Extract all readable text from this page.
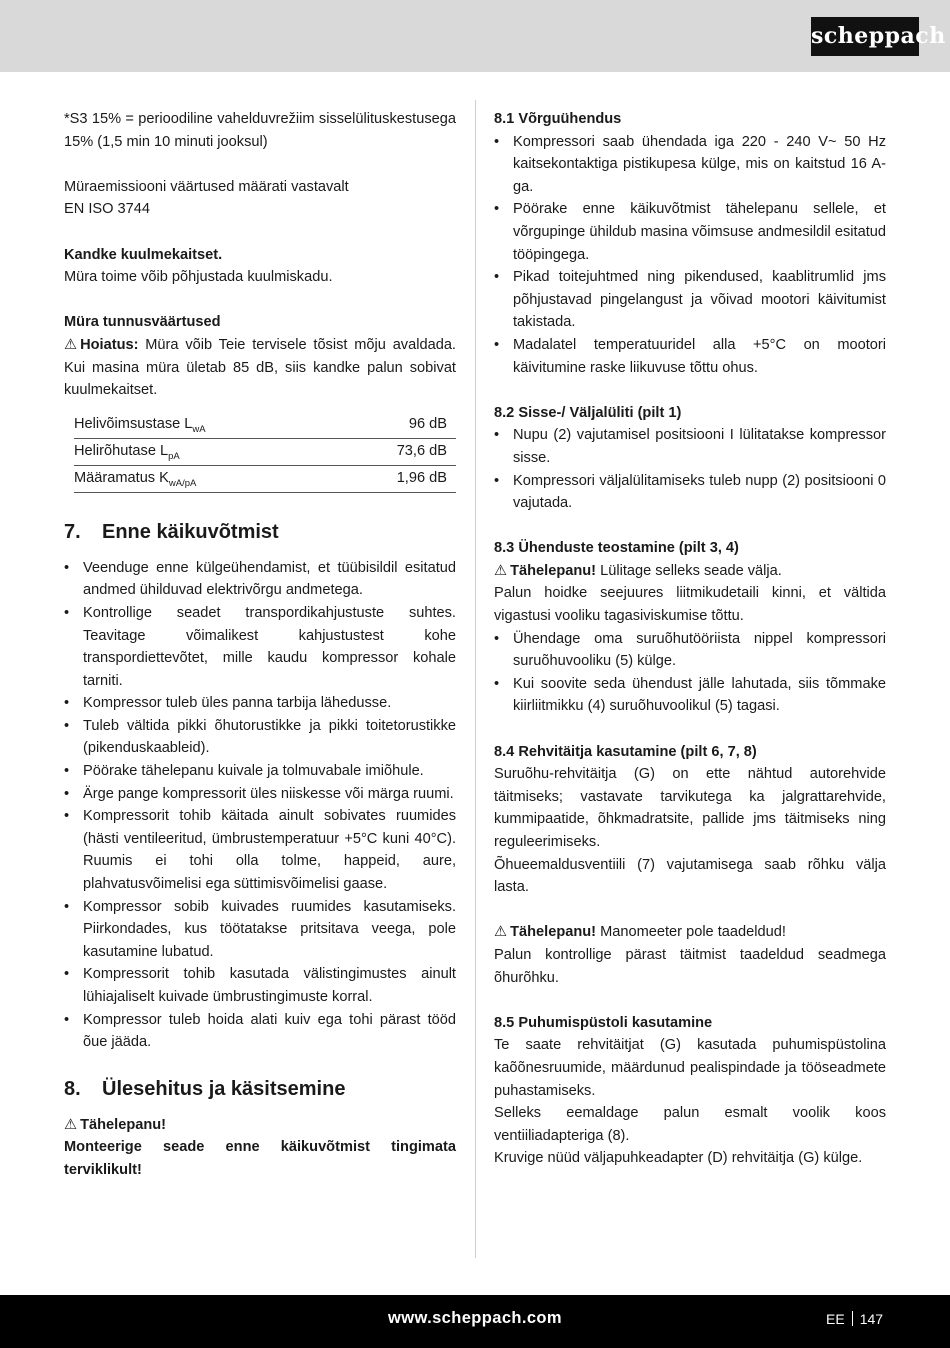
scheppach

*S3 15% = perioodiline vahelduvrežiim sisselülituskestusega 15% (1,5 min 10 minuti jooksul)

Müraemissiooni väärtused määrati vastavalt

EN ISO 3744

Kandke kuulmekaitset.

Müra toime võib põhjustada kuulmiskadu.

Müra tunnusväärtused

⚠ Hoiatus: Müra võib Teie tervisele tõsist mõju avaldada. Kui masina müra ületab 85 dB, siis kandke palun sobivat kuulmekaitset.

Helivõimsustase $L_{wA}$	96 dB
Helirõhutase $L_{pA}$	73,6 dB
Määramatus $K_{wA/pA}$	1,96 dB
7. Enne käikuvõtmist
• Veenduge enne külgeühendamist, et tüübisildil esitatud andmed ühilduvad elektrivõrgu andmetega.
• Kontrollige seadet transpordikahjustuste suhtes. Teavitage võimalikest kahjustustest kohe transpordiettevõtet, mille kaudu kompressor kohale tarniti.
• Kompressor tuleb üles panna tarbija lähedusse.
• Tuleb vältida pikki õhutorustikke ja pikki toitetorustikke (pikenduskaableid).
• Pöörake tähelepanu kuivale ja tolmuvabale imiõhule.
• Ärge pange kompressorit üles niiskesse või märga ruumi.
• Kompressorit tohib käitada ainult sobivates ruumides (hästi ventileeritud, ümbrustemperatuur +5°C kuni 40°C). Ruumis ei tohi olla tolme, happeid, aure, plahvatusvõimelisi ega süttimisvõimelisi gaase.
• Kompressor sobib kuivades ruumides kasutamiseks. Piirkondades, kus töötatakse pritsitava veega, pole kasutamine lubatud.
• Kompressorit tohib kasutada välistingimustes ainult lühiajaliselt kuivade ümbrustingimuste korral.
• Kompressor tuleb hoida alati kuiv ega tohi pärast tööd õue jääda.
8. Ülesehitus ja käsitsemine

⚠ Tähelepanu!

Monteerige seade enne käikuvõtmist tingimata terviklikult!

8.1 Võrguühendus

• Kompressori saab ühendada iga 220 - 240 V~ 50 Hz kaitsekontaktiga pistikupesa külge, mis on kaitstud 16 A-ga.
• Pöörake enne käikuvõtmist tähelepanu sellele, et võrgupinge ühildub masina võimsuse andmesildil esitatud tööpingega.
• Pikad toitejuhtmed ning pikendused, kaablitrumlid jms põhjustavad pingelangust ja võivad mootori käivitumist takistada.
• Madalatel temperatuuridel alla +5°C on mootori käivitumine raske liikuvuse tõttu ohus.

8.2 Sisse-/ Väljalüliti (pilt 1)

• Nupu (2) vajutamisel positsiooni I lülitatakse kompressor sisse.
• Kompressori väljalülitamiseks tuleb nupp (2) positsiooni 0 vajutada.

8.3 Ühenduste teostamine (pilt 3, 4)

⚠ Tähelepanu! Lülitage selleks seade välja.

Palun hoidke seejuures liitmikudetaili kinni, et vältida vigastusi vooliku tagasiviskumise tõttu.

• Ühendage oma suruõhutööriista nippel kompressori suruõhuvooliku (5) külge.
• Kui soovite seda ühendust jälle lahutada, siis tõmmake kiirliitmikku (4) suruõhuvoolikul (5) tagasi.

8.4 Rehvitäitja kasutamine (pilt 6, 7, 8)

Suruõhu-rehvitäitja (G) on ette nähtud autorehvide täitmiseks; vastavate tarvikutega ka jalgrattarehvide, kummipaatide, õhkmadratsite, pallide jms täitmiseks ning reguleerimiseks.

Õhueemaldusventiili (7) vajutamisega saab rõhku välja lasta.

⚠ Tähelepanu! Manomeeter pole taadeldud!

Palun kontrollige pärast täitmist taadeldud seadmega õhurõhku.

8.5 Puhumispüstoli kasutamine

Te saate rehvitäitjat (G) kasutada puhumispüstolina kaõõnesruumide, määrdunud pealispindade ja tööseadmete puhastamiseks.

Selleks eemaldage palun esmalt voolik koos ventiiliadapteriga (8).

Kruvige nüüd väljapuhkeadapter (D) rehvitäitja (G) külge.

www.scheppach.com	EE 147
